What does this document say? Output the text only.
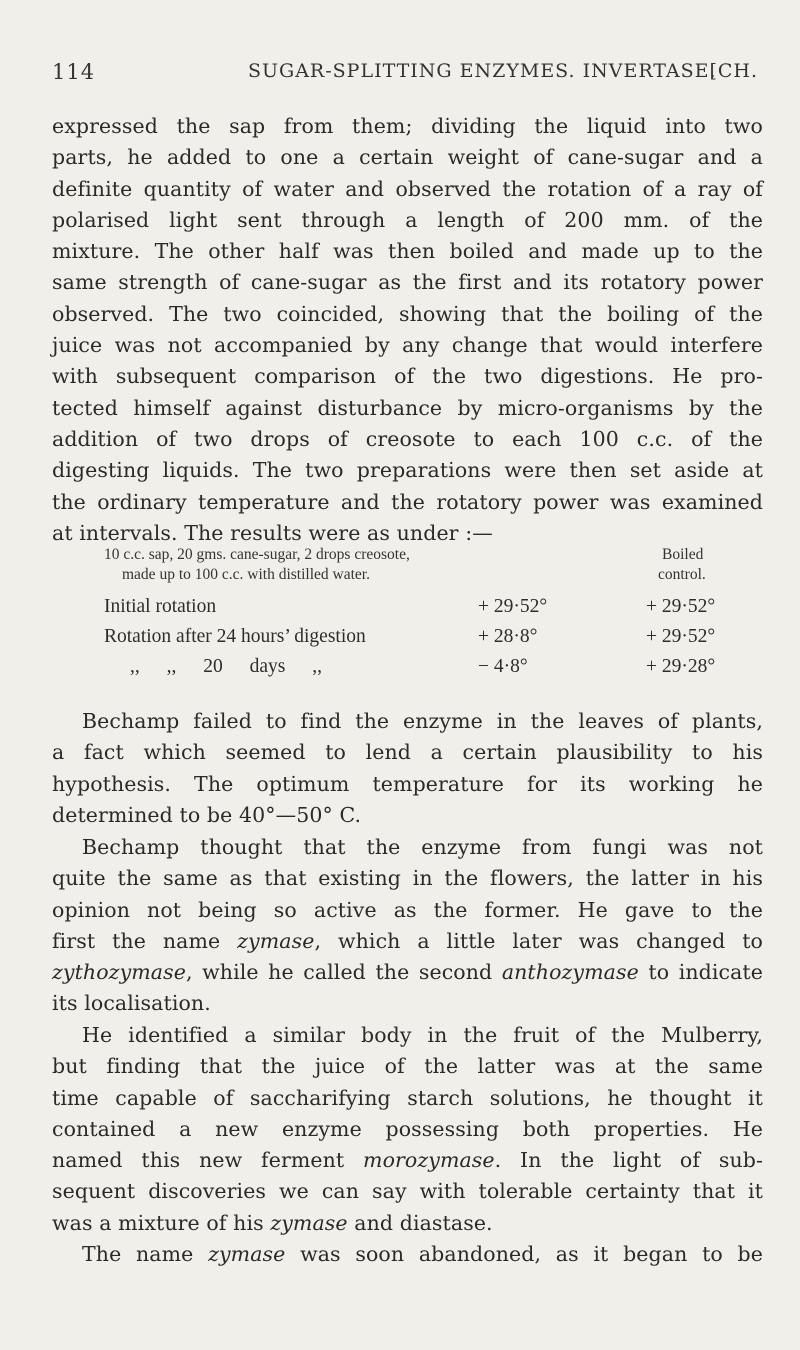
114	SUGAR-SPLITTING ENZYMES. INVERTASE.
[CH.

expressed the sap from them; dividing the liquid into two
parts, he added to one a certain weight of cane-sugar and a
definite quantity of water and observed the rotation of a ray of
polarised light sent through a length of 200 mm. of the
mixture. The other half was then boiled and made up to the
same strength of cane-sugar as the first and its rotatory power
observed. The two coincided, showing that the boiling of the
juice was not accompanied by any change that would interfere
with subsequent comparison of the two digestions. He pro-
tected himself against disturbance by micro-organisms by the
addition of two drops of creosote to each 100 c.c. of the
digesting liquids. The two preparations were then set aside at
the ordinary temperature and the rotatory power was examined
at intervals. The results were as under :—

10 c.c. sap, 20 gms. cane-sugar, 2 drops creosote,
made up to 100 c.c. with distilled water.
Boiled
control.
Initial rotation	+ 29·52°	+ 29·52°
Rotation after 24 hours’ digestion	+ 28·8°	+ 29·52°
,, ,, 20 days ,,	− 4·8°	+ 29·28°

Bechamp failed to find the enzyme in the leaves of plants,
a fact which seemed to lend a certain plausibility to his
hypothesis. The optimum temperature for its working he
determined to be 40°—50° C.

Bechamp thought that the enzyme from fungi was not
quite the same as that existing in the flowers, the latter in his
opinion not being so active as the former. He gave to the
first the name zymase, which a little later was changed to
zythozymase, while he called the second anthozymase to indicate
its localisation.

He identified a similar body in the fruit of the Mulberry,
but finding that the juice of the latter was at the same
time capable of saccharifying starch solutions, he thought it
contained a new enzyme possessing both properties. He
named this new ferment morozymase. In the light of sub-
sequent discoveries we can say with tolerable certainty that it
was a mixture of his zymase and diastase.

The name zymase was soon abandoned, as it began to be
